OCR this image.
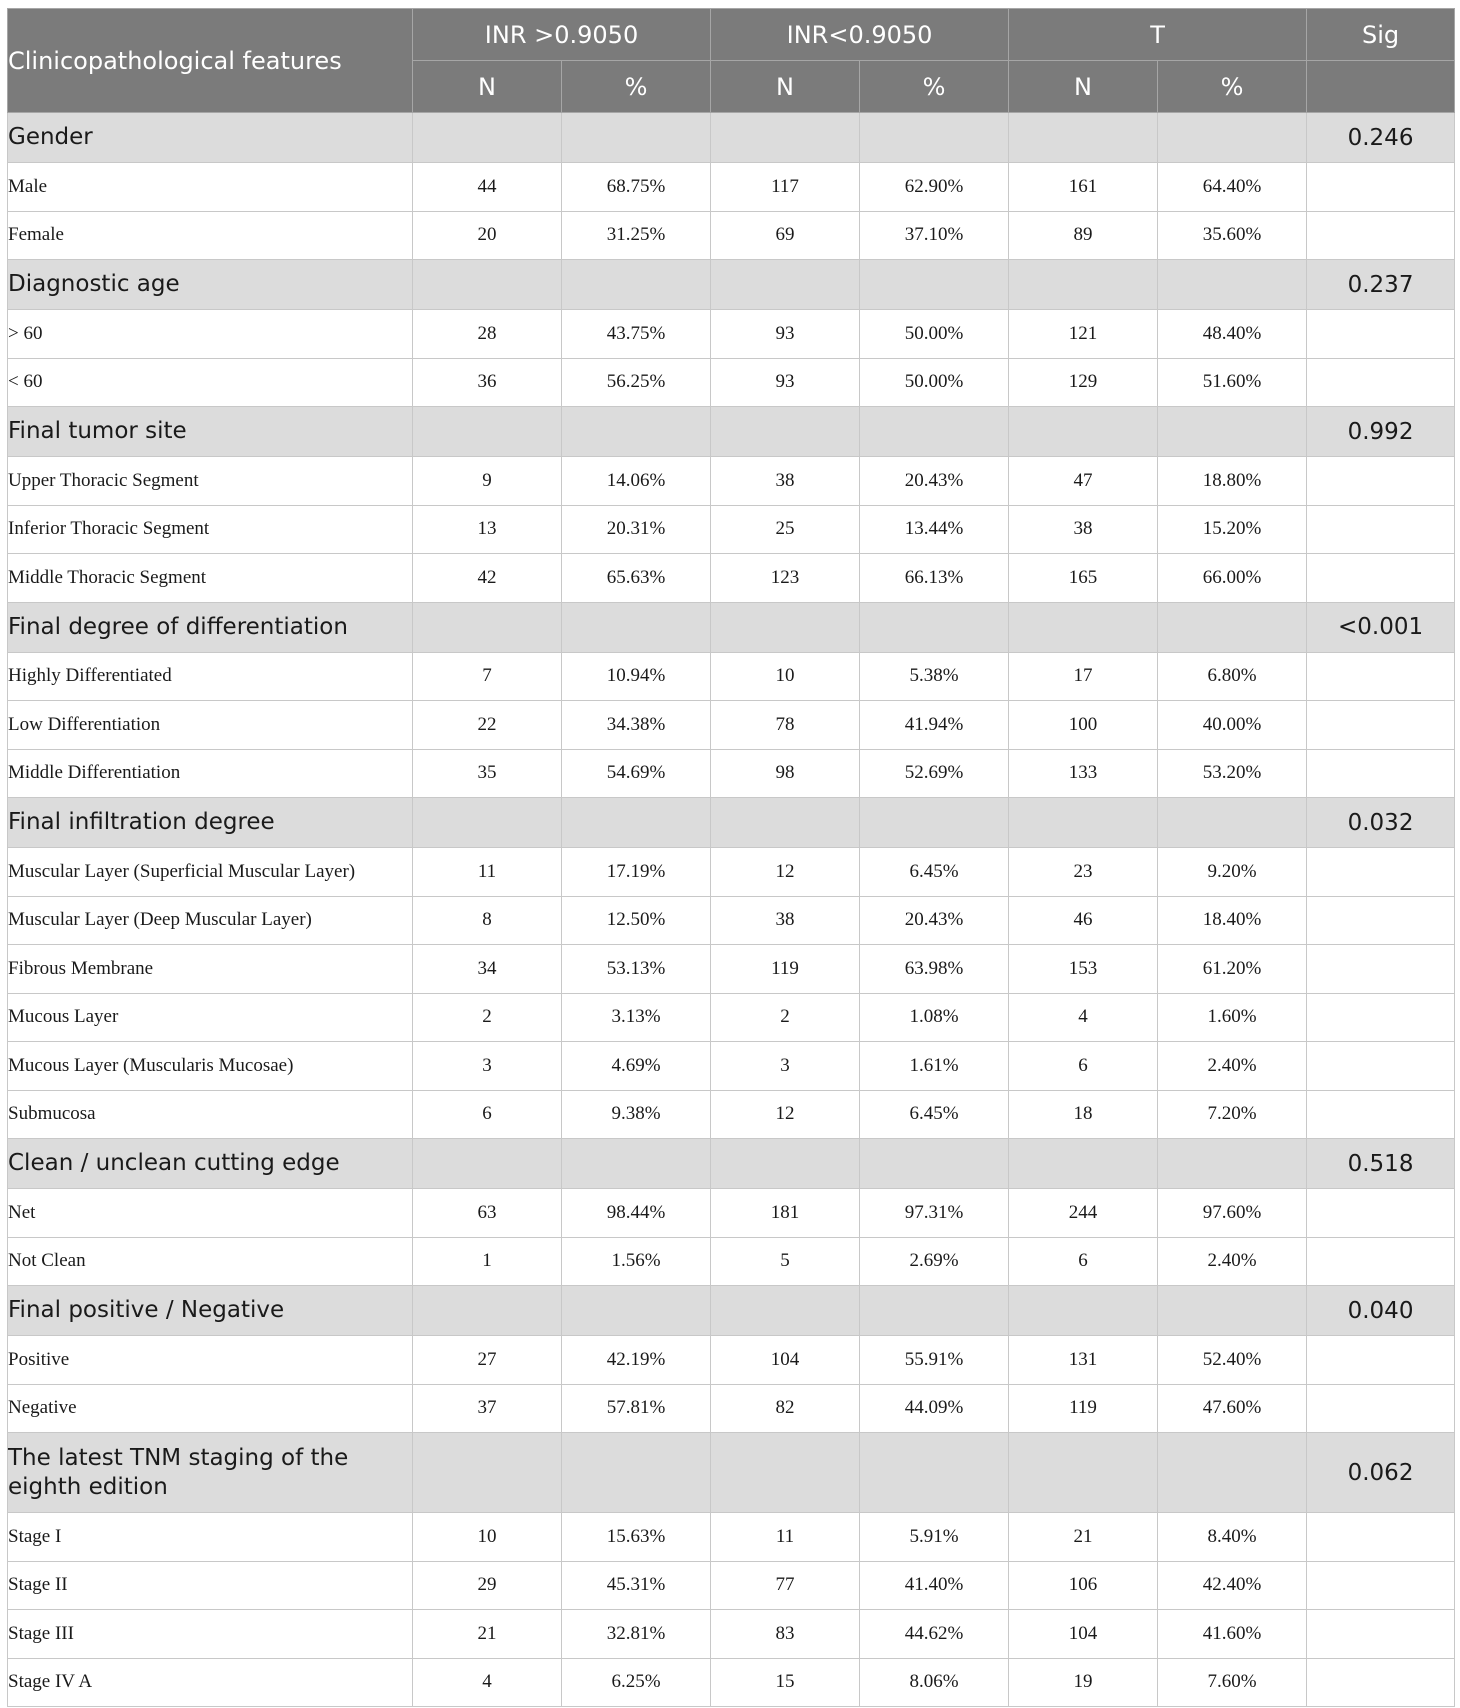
Clinicopathological features	INR >0.9050		INR<0.9050		T		Sig
	N	%	N	%	N	%	
Gender							0.246
Male	44	68.75%	117	62.90%	161	64.40%	
Female	20	31.25%	69	37.10%	89	35.60%	
Diagnostic age							0.237
> 60	28	43.75%	93	50.00%	121	48.40%	
< 60	36	56.25%	93	50.00%	129	51.60%	
Final tumor site							0.992
Upper Thoracic Segment	9	14.06%	38	20.43%	47	18.80%	
Inferior Thoracic Segment	13	20.31%	25	13.44%	38	15.20%	
Middle Thoracic Segment	42	65.63%	123	66.13%	165	66.00%	
Final degree of differentiation							<0.001
Highly Differentiated	7	10.94%	10	5.38%	17	6.80%	
Low Differentiation	22	34.38%	78	41.94%	100	40.00%	
Middle Differentiation	35	54.69%	98	52.69%	133	53.20%	
Final infiltration degree							0.032
Muscular Layer (Superficial Muscular Layer)	11	17.19%	12	6.45%	23	9.20%	
Muscular Layer (Deep Muscular Layer)	8	12.50%	38	20.43%	46	18.40%	
Fibrous Membrane	34	53.13%	119	63.98%	153	61.20%	
Mucous Layer	2	3.13%	2	1.08%	4	1.60%	
Mucous Layer (Muscularis Mucosae)	3	4.69%	3	1.61%	6	2.40%	
Submucosa	6	9.38%	12	6.45%	18	7.20%	
Clean / unclean cutting edge							0.518
Net	63	98.44%	181	97.31%	244	97.60%	
Not Clean	1	1.56%	5	2.69%	6	2.40%	
Final positive / Negative							0.040
Positive	27	42.19%	104	55.91%	131	52.40%	
Negative	37	57.81%	82	44.09%	119	47.60%	
The latest TNM staging of the eighth edition							0.062
Stage I	10	15.63%	11	5.91%	21	8.40%	
Stage II	29	45.31%	77	41.40%	106	42.40%	
Stage III	21	32.81%	83	44.62%	104	41.60%	
Stage IV A	4	6.25%	15	8.06%	19	7.60%	
